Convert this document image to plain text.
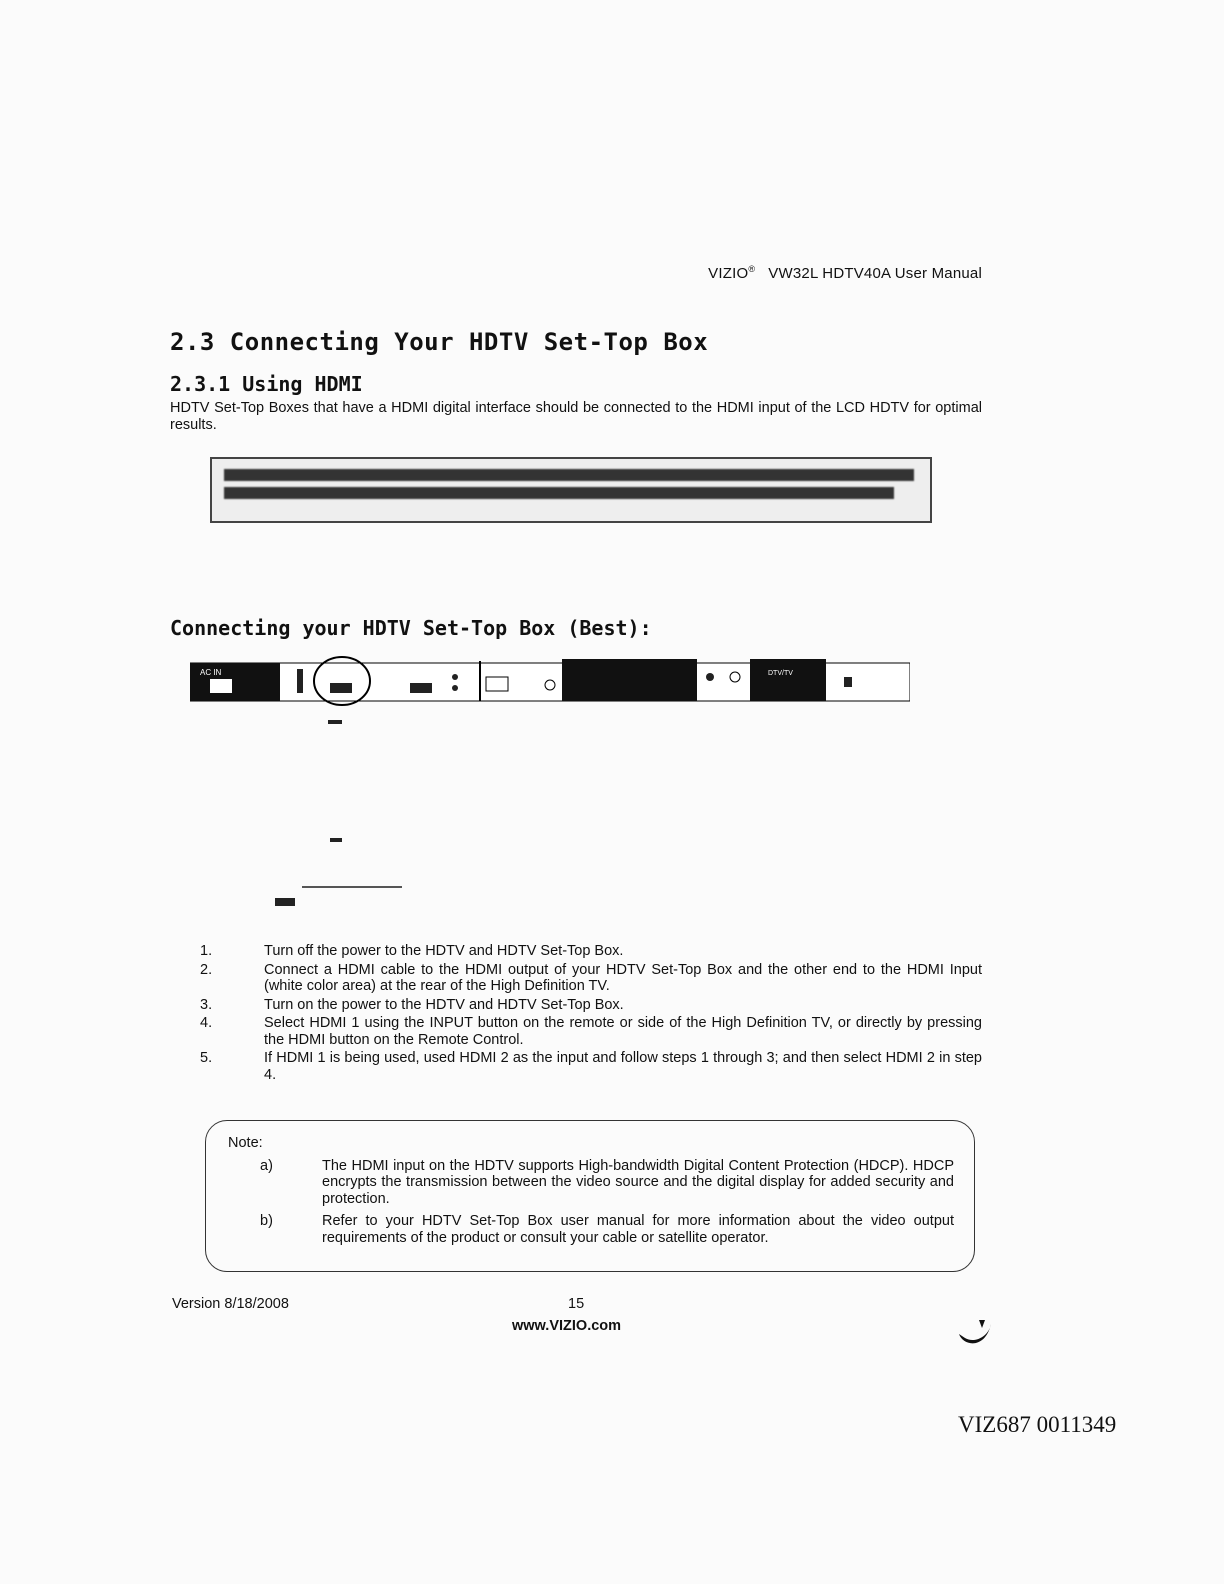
VIZIO® VW32L HDTV40A User Manual
2.3 Connecting Your HDTV Set-Top Box
2.3.1 Using HDMI
HDTV Set-Top Boxes that have a HDMI digital interface should be connected to the HDMI input of the LCD HDTV for optimal results.
Connecting your HDTV Set-Top Box (Best):
AC IN	DTV/TV
1.	Turn off the power to the HDTV and HDTV Set-Top Box.
2.	Connect a HDMI cable to the HDMI output of your HDTV Set-Top Box and the other end to the HDMI Input (white color area) at the rear of the High Definition TV.
3.	Turn on the power to the HDTV and HDTV Set-Top Box.
4.	Select HDMI 1 using the INPUT button on the remote or side of the High Definition TV, or directly by pressing the HDMI button on the Remote Control.
5.	If HDMI 1 is being used, used HDMI 2 as the input and follow steps 1 through 3; and then select HDMI 2 in step 4.
Note:
a)	The HDMI input on the HDTV supports High-bandwidth Digital Content Protection (HDCP). HDCP encrypts the transmission between the video source and the digital display for added security and protection.
b)	Refer to your HDTV Set-Top Box user manual for more information about the video output requirements of the product or consult your cable or satellite operator.
Version 8/18/2008	15
www.VIZIO.com
VIZ687 0011349
